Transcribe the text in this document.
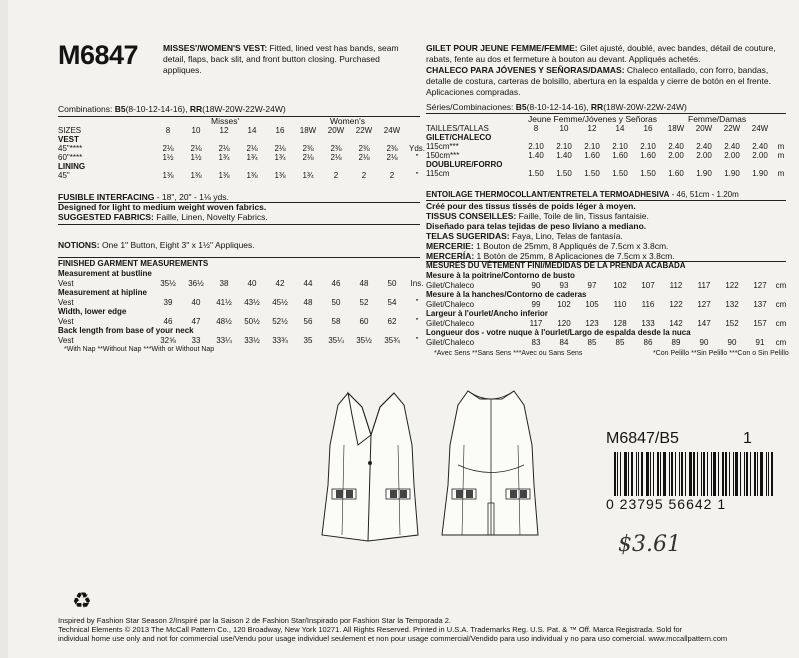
M6847	MISSES'/WOMEN'S VEST: Fitted, lined vest has bands, seam detail, flaps, back slit, and front button closing. Purchased appliques.
Combinations: B5(8-10-12-14-16), RR(18W-20W-22W-24W)
Misses'	Women's
SIZES	8	10	12	14	16	18W	20W	22W	24W	
VEST										
45"****	2⅛	2⅛	2⅛	2⅛	2⅛	2⅜	2⅜	2⅜	2⅜	Yds.
60"****	1½	1½	1¾	1¾	1¾	2⅛	2⅛	2⅛	2⅛	"
LINING										
45"	1⅜	1⅜	1⅜	1⅜	1⅜	1¾	2	2	2	"
FUSIBLE INTERFACING - 18", 20" - 1⅛ yds.
Designed for light to medium weight woven fabrics.
SUGGESTED FABRICS: Faille, Linen, Novelty Fabrics.
NOTIONS: One 1" Button, Eight 3" x 1½" Appliques.
FINISHED GARMENT MEASUREMENTS
Measurement at bustline
Vest	35½	36½	38	40	42	44	46	48	50	Ins.
Measurement at hipline
Vest	39	40	41½	43½	45½	48	50	52	54	"
Width, lower edge
Vest	46	47	48½	50½	52½	56	58	60	62	"
Back length from base of your neck
Vest	32⅝	33	33¼	33½	33¾	35	35¼	35½	35¾	"
*With Nap **Without Nap ***With or Without Nap
GILET POUR JEUNE FEMME/FEMME: Gilet ajusté, doublé, avec bandes, détail de couture, rabats, fente au dos et fermeture à bouton au devant. Appliqués achetés.
CHALECO PARA JÓVENES Y SEÑORAS/DAMAS: Chaleco entallado, con forro, bandas, detalle de costura, carteras de bolsillo, abertura en la espalda y cierre de botón en el frente. Aplicaciones compradas.
Séries/Combinaciones: B5(8-10-12-14-16), RR(18W-20W-22W-24W)
Jeune Femme/Jóvenes y Señoras	Femme/Damas
TAILLES/TALLAS	8	10	12	14	16	18W	20W	22W	24W	
GILET/CHALECO										
115cm***	2.10	2.10	2.10	2.10	2.10	2.40	2.40	2.40	2.40	m
150cm***	1.40	1.40	1.60	1.60	1.60	2.00	2.00	2.00	2.00	m
DOUBLURE/FORRO										
115cm	1.50	1.50	1.50	1.50	1.50	1.60	1.90	1.90	1.90	m
ENTOILAGE THERMOCOLLANT/ENTRETELA TERMOADHESIVA - 46, 51cm - 1.20m
Créé pour des tissus tissés de poids léger à moyen.
TISSUS CONSEILLES: Faille, Toile de lin, Tissus fantaisie.
Diseñado para telas tejidas de peso liviano a mediano.
TELAS SUGERIDAS: Faya, Lino, Telas de fantasía.
MERCERIE: 1 Bouton de 25mm, 8 Appliqués de 7.5cm x 3.8cm.
MERCERÍA: 1 Botón de 25mm, 8 Aplicaciones de 7.5cm x 3.8cm.
MESURES DU VÊTEMENT FINI/MEDIDAS DE LA PRENDA ACABADA
Mesure à la poitrine/Contorno de busto
Gilet/Chaleco	90	93	97	102	107	112	117	122	127	cm
Mesure à la hanches/Contorno de caderas
Gilet/Chaleco	99	102	105	110	116	122	127	132	137	cm
Largeur à l'ourlet/Ancho inferior
Gilet/Chaleco	117	120	123	128	133	142	147	152	157	cm
Longueur dos - votre nuque à l'ourlet/Largo de espalda desde la nuca
Gilet/Chaleco	83	84	85	85	86	89	90	90	91	cm
*Avec Sens **Sans Sens ***Avec ou Sans Sens	*Con Pelillo **Sin Pelillo ***Con o Sin Pelillo
M6847/B5	1
0 23795 56642 1
$3.61
♻
Inspired by Fashion Star Season 2/Inspiré par la Saison 2 de Fashion Star/Inspirado por Fashion Star la Temporada 2.
Technical Elements © 2013 The McCall Pattern Co., 120 Broadway, New York 10271. All Rights Reserved. Printed in U.S.A. Trademarks Reg. U.S. Pat. & ™ Off. Marca Registrada. Sold for
individual home use only and not for commercial use/Vendu pour usage individuel seulement et non pour usage commercial/Vendido para uso individual y no para uso comercial. www.mccallpattern.com
